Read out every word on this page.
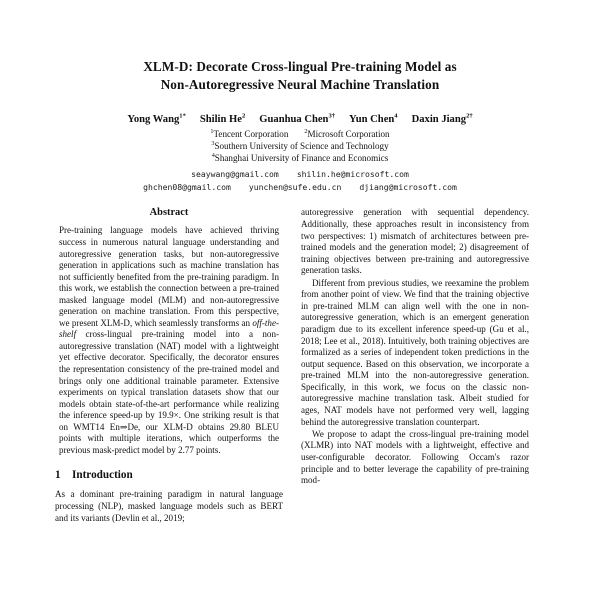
XLM-D: Decorate Cross-lingual Pre-training Model as
Non-Autoregressive Neural Machine Translation
Yong Wang$^{1*}$ Shilin He$^2$ Guanhua Chen$^{3\dagger}$ Yun Chen$^4$ Daxin Jiang$^{2\dagger}$
$^1$Tencent Corporation	$^2$Microsoft Corporation
$^3$Southern University of Science and Technology
$^4$Shanghai University of Finance and Economics
seaywang@gmail.com shilin.he@microsoft.com
ghchen08@gmail.com yunchen@sufe.edu.cn djiang@microsoft.com
Abstract

Pre-training language models have achieved thriving success in numerous natural language understanding and autoregressive generation tasks, but non-autoregressive generation in applications such as machine translation has not sufficiently benefited from the pre-training paradigm. In this work, we establish the connection between a pre-trained masked language model (MLM) and non-autoregressive generation on machine translation. From this perspective, we present XLM-D, which seamlessly transforms an off-the-shelf cross-lingual pre-training model into a non-autoregressive translation (NAT) model with a lightweight yet effective decorator. Specifically, the decorator ensures the representation consistency of the pre-trained model and brings only one additional trainable parameter. Extensive experiments on typical translation datasets show that our models obtain state-of-the-art performance while realizing the inference speed-up by 19.9×. One striking result is that on WMT14 En⇒De, our XLM-D obtains 29.80 BLEU points with multiple iterations, which outperforms the previous mask-predict model by 2.77 points.

1 Introduction

As a dominant pre-training paradigm in natural language processing (NLP), masked language models such as BERT and its variants (Devlin et al., 2019;

autoregressive generation with sequential dependency. Additionally, these approaches result in inconsistency from two perspectives: 1) mismatch of architectures between pre-trained models and the generation model; 2) disagreement of training objectives between pre-training and autoregressive generation tasks.

Different from previous studies, we reexamine the problem from another point of view. We find that the training objective in pre-trained MLM can align well with the one in non-autoregressive generation, which is an emergent generation paradigm due to its excellent inference speed-up (Gu et al., 2018; Lee et al., 2018). Intuitively, both training objectives are formalized as a series of independent token predictions in the output sequence. Based on this observation, we incorporate a pre-trained MLM into the non-autoregressive generation. Specifically, in this work, we focus on the classic non-autoregressive machine translation task. Albeit studied for ages, NAT models have not performed very well, lagging behind the autoregressive translation counterpart.

We propose to adapt the cross-lingual pre-training model (XLMR) into NAT models with a lightweight, effective and user-configurable decorator. Following Occam's razor principle and to better leverage the capability of pre-training mod-
